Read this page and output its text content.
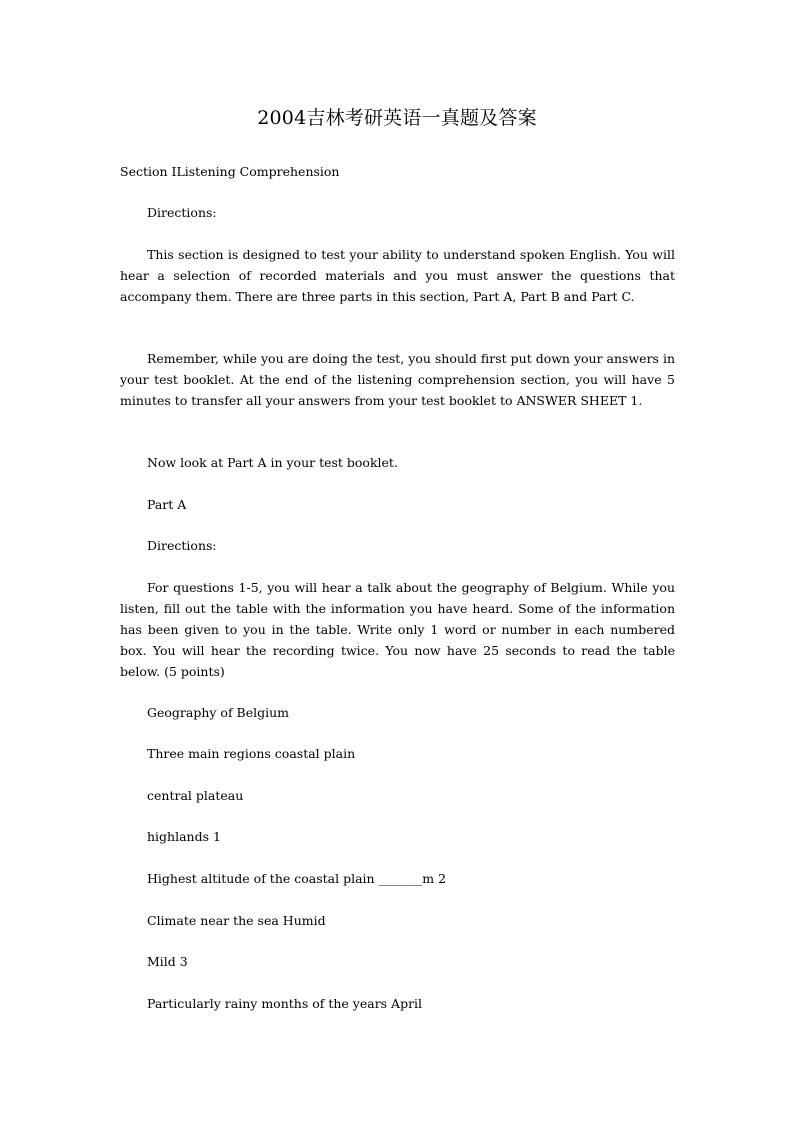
2004吉林考研英语一真题及答案

Section IListening Comprehension

Directions:

This section is designed to test your ability to understand spoken English. You will hear a selection of recorded materials and you must answer the questions that accompany them. There are three parts in this section, Part A, Part B and Part C.

Remember, while you are doing the test, you should first put down your answers in your test booklet. At the end of the listening comprehension section, you will have 5 minutes to transfer all your answers from your test booklet to ANSWER SHEET 1.

Now look at Part A in your test booklet.

Part A

Directions:

For questions 1-5, you will hear a talk about the geography of Belgium. While you listen, fill out the table with the information you have heard. Some of the information has been given to you in the table. Write only 1 word or number in each numbered box. You will hear the recording twice. You now have 25 seconds to read the table below. (5 points)

Geography of Belgium

Three main regions coastal plain

central plateau

highlands 1

Highest altitude of the coastal plain _______m 2

Climate near the sea Humid

Mild 3

Particularly rainy months of the years April
